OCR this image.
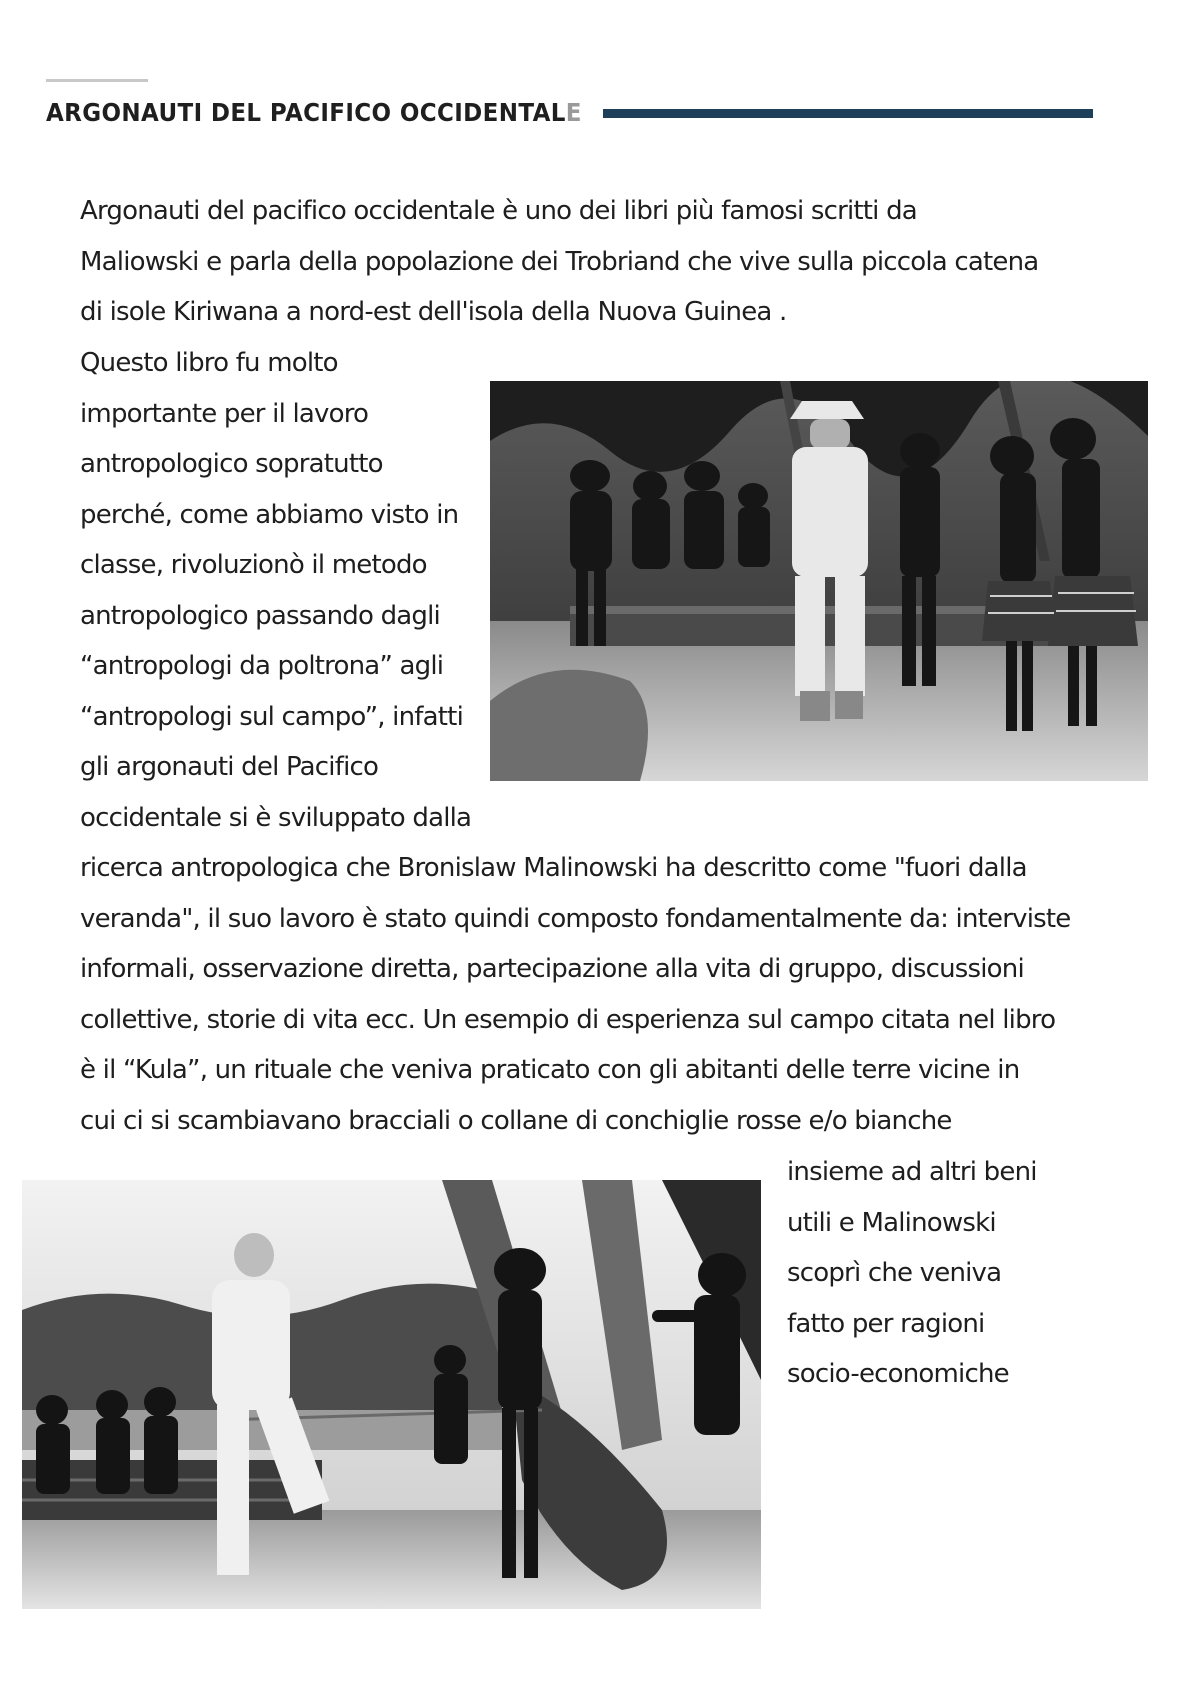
ARGONAUTI DEL PACIFICO OCCIDENTALE
Argonauti del pacifico occidentale è uno dei libri più famosi scritti da
Maliowski e parla della popolazione dei Trobriand che vive sulla piccola catena
di isole Kiriwana a nord-est dell'isola della Nuova Guinea .
Questo libro fu molto
importante per il lavoro
antropologico sopratutto
perché, come abbiamo visto in
classe, rivoluzionò il metodo
antropologico passando dagli
“antropologi da poltrona” agli
“antropologi sul campo”, infatti
gli argonauti del Pacifico
occidentale si è sviluppato dalla
ricerca antropologica che Bronislaw Malinowski ha descritto come "fuori dalla
veranda", il suo lavoro è stato quindi composto fondamentalmente da: interviste
informali, osservazione diretta, partecipazione alla vita di gruppo, discussioni
collettive, storie di vita ecc. Un esempio di esperienza sul campo citata nel libro
è il “Kula”, un rituale che veniva praticato con gli abitanti delle terre vicine in
cui ci si scambiavano bracciali o collane di conchiglie rosse e/o bianche
insieme ad altri beni
utili e Malinowski
scoprì che veniva
fatto per ragioni
socio-economiche
